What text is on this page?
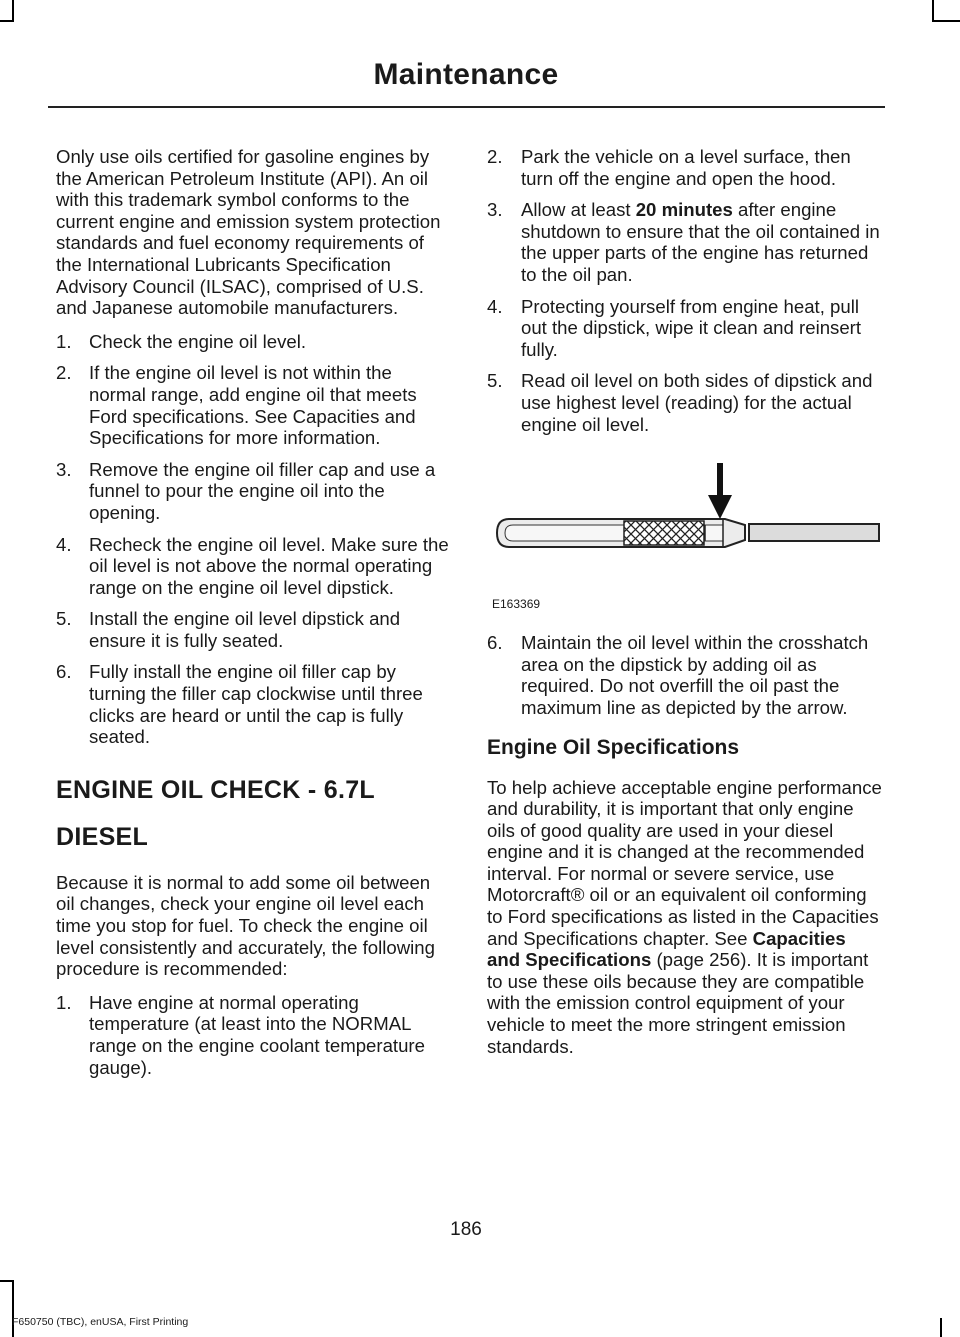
Maintenance

Only use oils certified for gasoline engines by the American Petroleum Institute (API). An oil with this trademark symbol conforms to the current engine and emission system protection standards and fuel economy requirements of the International Lubricants Specification Advisory Council (ILSAC), comprised of U.S. and Japanese automobile manufacturers.

1. Check the engine oil level.
2. If the engine oil level is not within the normal range, add engine oil that meets Ford specifications. See Capacities and Specifications for more information.
3. Remove the engine oil filler cap and use a funnel to pour the engine oil into the opening.
4. Recheck the engine oil level. Make sure the oil level is not above the normal operating range on the engine oil level dipstick.
5. Install the engine oil level dipstick and ensure it is fully seated.
6. Fully install the engine oil filler cap by turning the filler cap clockwise until three clicks are heard or until the cap is fully seated.
ENGINE OIL CHECK - 6.7L
DIESEL

Because it is normal to add some oil between oil changes, check your engine oil level each time you stop for fuel. To check the engine oil level consistently and accurately, the following procedure is recommended:

1. Have engine at normal operating temperature (at least into the NORMAL range on the engine coolant temperature gauge).
2. Park the vehicle on a level surface, then turn off the engine and open the hood.
3. Allow at least 20 minutes after engine shutdown to ensure that the oil contained in the upper parts of the engine has returned to the oil pan.
4. Protecting yourself from engine heat, pull out the dipstick, wipe it clean and reinsert fully.
5. Read oil level on both sides of dipstick and use highest level (reading) for the actual engine oil level.
E163369
6. Maintain the oil level within the crosshatch area on the dipstick by adding oil as required. Do not overfill the oil past the maximum line as depicted by the arrow.
Engine Oil Specifications

To help achieve acceptable engine performance and durability, it is important that only engine oils of good quality are used in your diesel engine and it is changed at the recommended interval. For normal or severe service, use Motorcraft® oil or an equivalent oil conforming to Ford specifications as listed in the Capacities and Specifications chapter. See Capacities and Specifications (page 256). It is important to use these oils because they are compatible with the emission control equipment of your vehicle to meet the more stringent emission standards.

186
F650750 (TBC), enUSA, First Printing
